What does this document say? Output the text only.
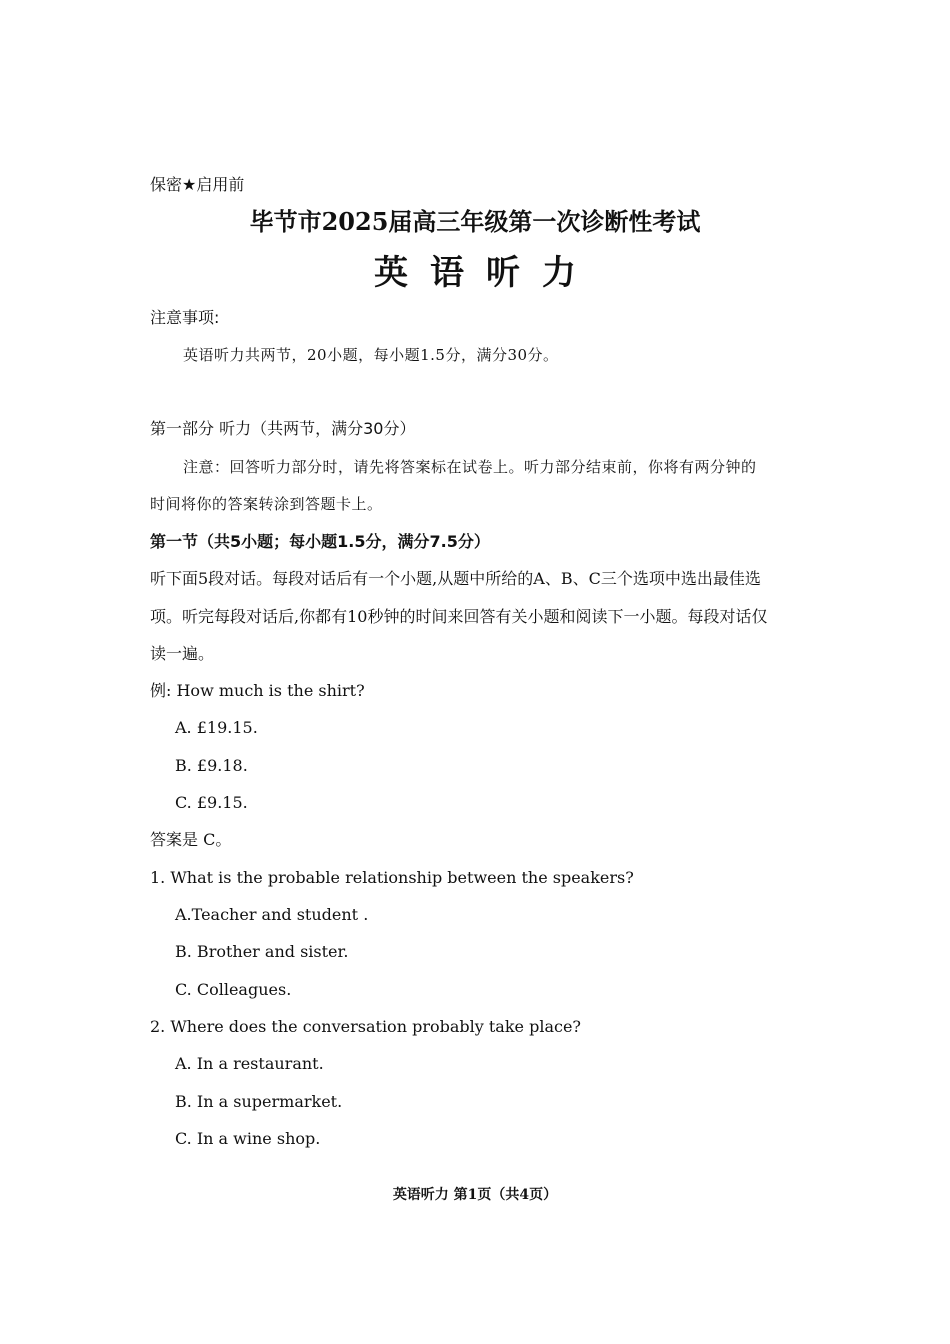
保密★启用前
毕节市2025届高三年级第一次诊断性考试
英语听力
注意事项:
英语听力共两节，20小题，每小题1.5分，满分30分。
第一部分 听力（共两节，满分30分）
注意：回答听力部分时，请先将答案标在试卷上。听力部分结束前，你将有两分钟的
时间将你的答案转涂到答题卡上。
第一节（共5小题；每小题1.5分，满分7.5分）
听下面5段对话。每段对话后有一个小题,从题中所给的A、B、C三个选项中选出最佳选
项。听完每段对话后,你都有10秒钟的时间来回答有关小题和阅读下一小题。每段对话仅
读一遍。
例: How much is the shirt?
A. £19.15.
B. £9.18.
C. £9.15.
答案是 C。
1. What is the probable relationship between the speakers?
A.Teacher and student .
B. Brother and sister.
C. Colleagues.
2. Where does the conversation probably take place?
A. In a restaurant.
B. In a supermarket.
C. In a wine shop.
英语听力 第1页（共4页）
